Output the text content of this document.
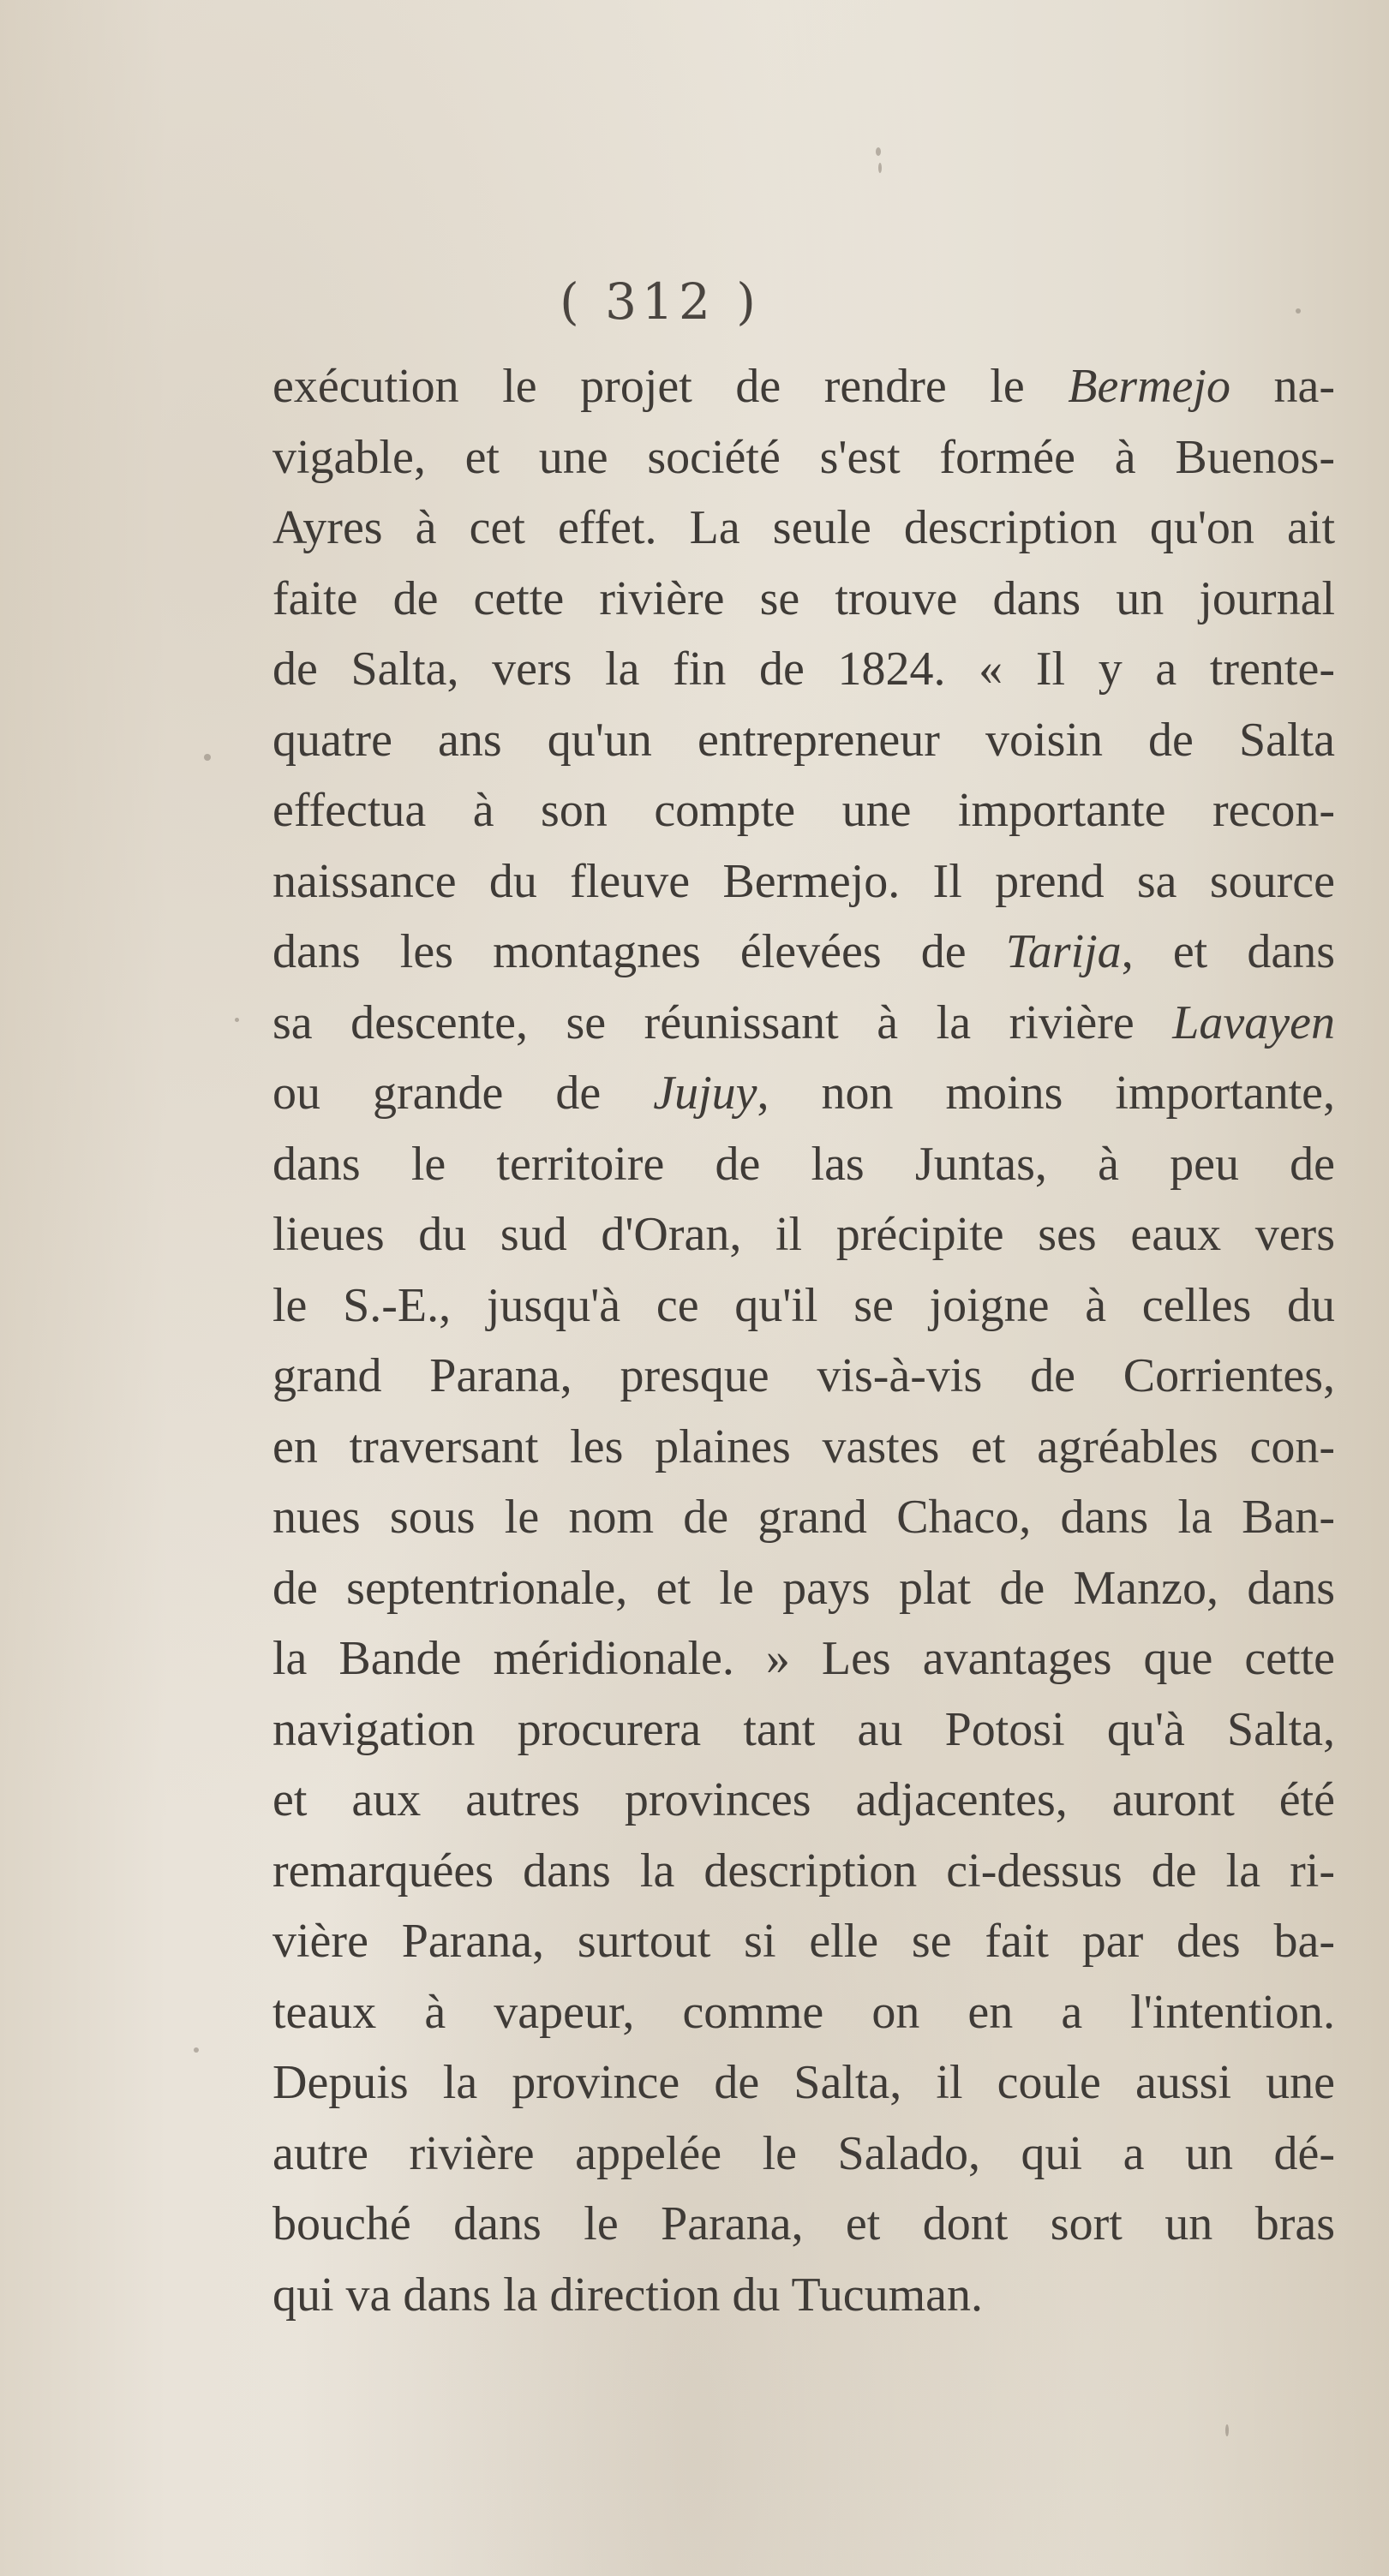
( 312 )
exécution le projet de rendre le Bermejo na-
vigable, et une société s'est formée à Buenos-
Ayres à cet effet. La seule description qu'on ait
faite de cette rivière se trouve dans un journal
de Salta, vers la fin de 1824. « Il y a trente-
quatre ans qu'un entrepreneur voisin de Salta
effectua à son compte une importante recon-
naissance du fleuve Bermejo. Il prend sa source
dans les montagnes élevées de Tarija, et dans
sa descente, se réunissant à la rivière Lavayen
ou grande de Jujuy, non moins importante,
dans le territoire de las Juntas, à peu de
lieues du sud d'Oran, il précipite ses eaux vers
le S.-E., jusqu'à ce qu'il se joigne à celles du
grand Parana, presque vis-à-vis de Corrientes,
en traversant les plaines vastes et agréables con-
nues sous le nom de grand Chaco, dans la Ban-
de septentrionale, et le pays plat de Manzo, dans
la Bande méridionale. » Les avantages que cette
navigation procurera tant au Potosi qu'à Salta,
et aux autres provinces adjacentes, auront été
remarquées dans la description ci-dessus de la ri-
vière Parana, surtout si elle se fait par des ba-
teaux à vapeur, comme on en a l'intention.
Depuis la province de Salta, il coule aussi une
autre rivière appelée le Salado, qui a un dé-
bouché dans le Parana, et dont sort un bras
qui va dans la direction du Tucuman.
